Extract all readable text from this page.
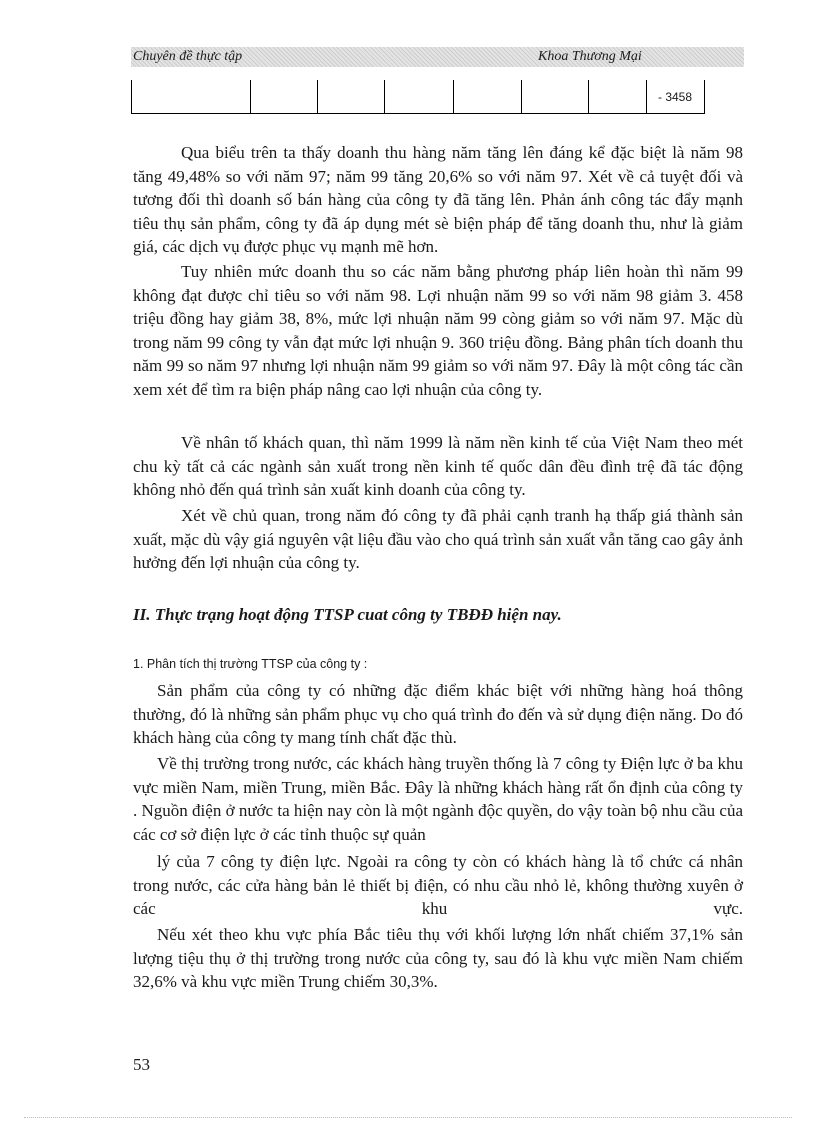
Chuyên đề thực tập	Khoa Thương Mại
- 3458

Qua biểu trên ta thấy doanh thu hàng năm tăng lên đáng kể đặc biệt là năm 98 tăng 49,48% so với năm 97; năm 99 tăng 20,6% so với năm 97. Xét về cả tuyệt đối và tương đối thì doanh số bán hàng của công ty đã tăng lên. Phản ánh công tác đẩy mạnh tiêu thụ sản phẩm, công ty đã áp dụng mét sè biện pháp để tăng doanh thu, như là giảm giá, các dịch vụ được phục vụ mạnh mẽ hơn.

Tuy nhiên mức doanh thu so các năm bằng phương pháp liên hoàn thì năm 99 không đạt được chỉ tiêu so với năm 98. Lợi nhuận năm 99 so với năm 98 giảm 3. 458 triệu đồng hay giảm 38, 8%, mức lợi nhuận năm 99 còng giảm so với năm 97. Mặc dù trong năm 99 công ty vẫn đạt mức lợi nhuận 9. 360 triệu đồng. Bảng phân tích doanh thu năm 99 so năm 97 nhưng lợi nhuận năm 99 giảm so với năm 97. Đây là một công tác cần xem xét để tìm ra biện pháp nâng cao lợi nhuận của công ty.

Về nhân tố khách quan, thì năm 1999 là năm nền kinh tế của Việt Nam theo mét chu kỳ tất cả các ngành sản xuất trong nền kinh tế quốc dân đều đình trệ đã tác động không nhỏ đến quá trình sản xuất kinh doanh của công ty.

Xét về chủ quan, trong năm đó công ty đã phải cạnh tranh hạ thấp giá thành sản xuất, mặc dù vậy giá nguyên vật liệu đầu vào cho quá trình sản xuất vẫn tăng cao gây ảnh hưởng đến lợi nhuận của công ty.

II. Thực trạng hoạt động TTSP cuat công ty TBĐĐ hiện nay.
1. Phân tích thị trường TTSP của công ty :

Sản phẩm của công ty có những đặc điểm khác biệt với những hàng hoá thông thường, đó là những sản phẩm phục vụ cho quá trình đo đến và sử dụng điện năng. Do đó khách hàng của công ty mang tính chất đặc thù.

Về thị trường trong nước, các khách hàng truyền thống là 7 công ty Điện lực ở ba khu vực miền Nam, miền Trung, miền Bắc. Đây là những khách hàng rất ổn định của công ty . Nguồn điện ở nước ta hiện nay còn là một ngành độc quyền, do vậy toàn bộ nhu cầu của các cơ sở điện lực ở các tỉnh thuộc sự quản

lý của 7 công ty điện lực. Ngoài ra công ty còn có khách hàng là tổ chức cá nhân trong nước, các cửa hàng bản lẻ thiết bị điện, có nhu cầu nhỏ lẻ, không thường xuyên ở các khu vực.

Nếu xét theo khu vực phía Bắc tiêu thụ với khối lượng lớn nhất chiếm 37,1% sản lượng tiệu thụ ở thị trường trong nước của công ty, sau đó là khu vực miền Nam chiếm 32,6% và khu vực miền Trung chiếm 30,3%.

53
